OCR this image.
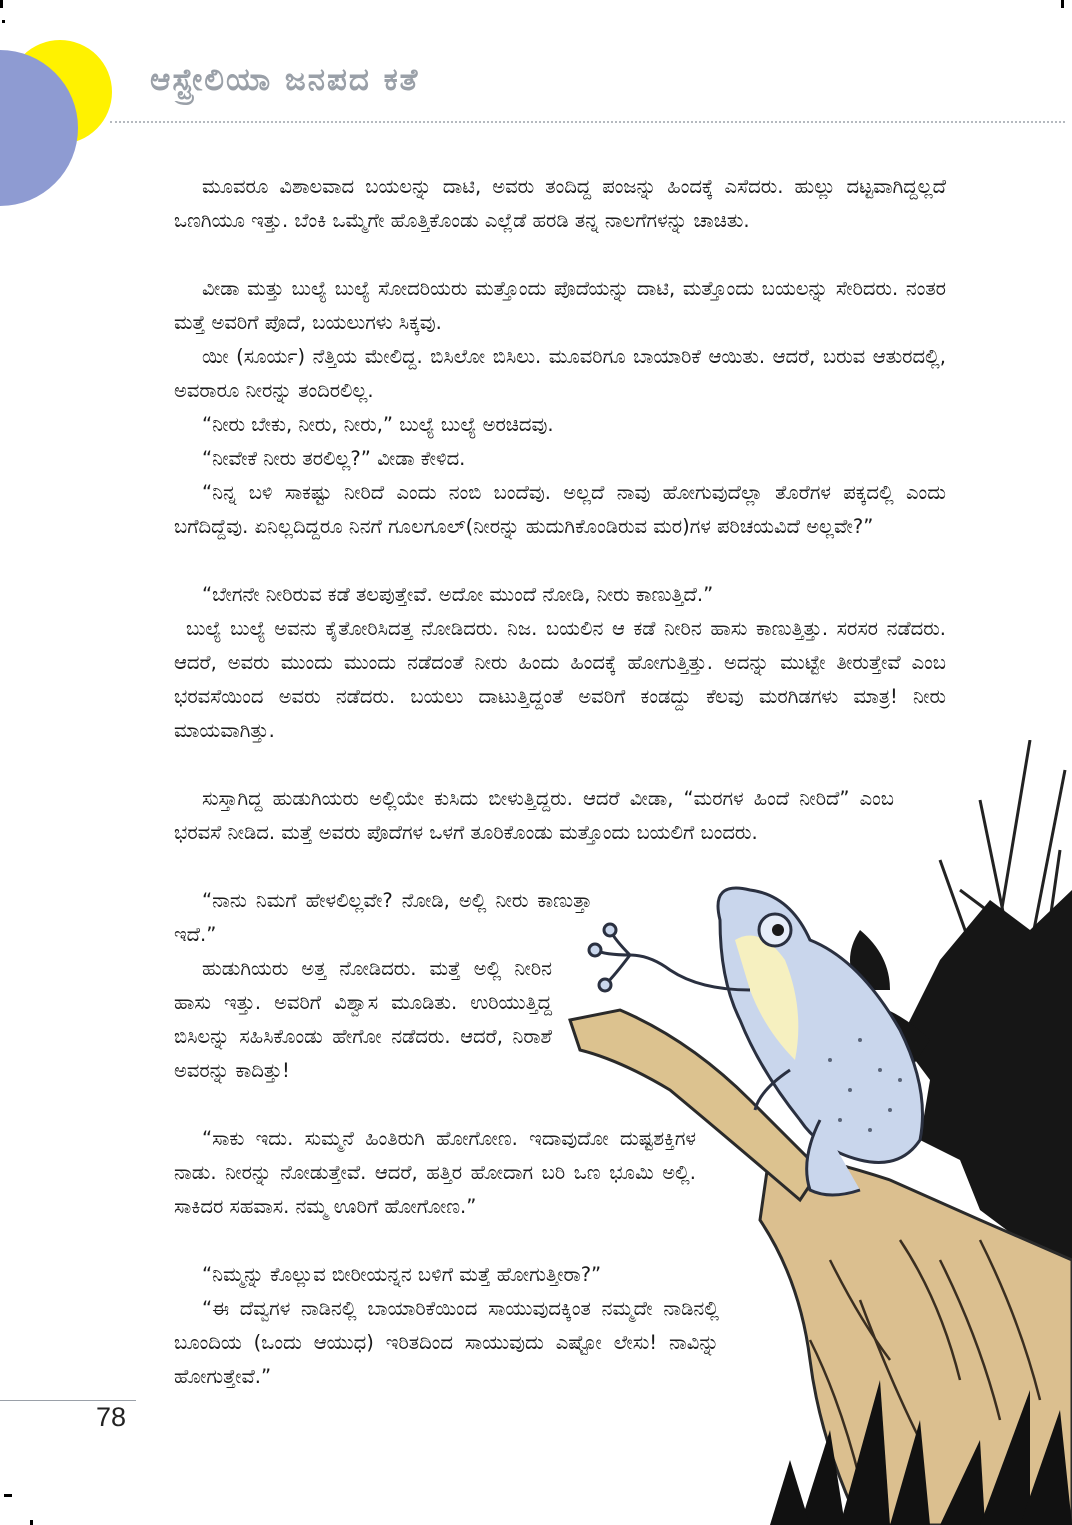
ಆಸ್ಟ್ರೇಲಿಯಾ ಜನಪದ ಕತೆ

ಮೂವರೂ ವಿಶಾಲವಾದ ಬಯಲನ್ನು ದಾಟಿ, ಅವರು ತಂದಿದ್ದ ಪಂಜನ್ನು ಹಿಂದಕ್ಕೆ ಎಸೆದರು. ಹುಲ್ಲು ದಟ್ಟವಾಗಿದ್ದಲ್ಲದೆ ಒಣಗಿಯೂ ಇತ್ತು. ಬೆಂಕಿ ಒಮ್ಮೆಗೇ ಹೊತ್ತಿಕೊಂಡು ಎಲ್ಲೆಡೆ ಹರಡಿ ತನ್ನ ನಾಲಗೆಗಳನ್ನು ಚಾಚಿತು.

ವೀಡಾ ಮತ್ತು ಬುಲ್ಯೆ ಬುಲ್ಯೆ ಸೋದರಿಯರು ಮತ್ತೊಂದು ಪೊದೆಯನ್ನು ದಾಟಿ, ಮತ್ತೊಂದು ಬಯಲನ್ನು ಸೇರಿದರು. ನಂತರ ಮತ್ತೆ ಅವರಿಗೆ ಪೊದೆ, ಬಯಲುಗಳು ಸಿಕ್ಕವು.

ಯೀ (ಸೂರ್ಯ) ನೆತ್ತಿಯ ಮೇಲಿದ್ದ. ಬಿಸಿಲೋ ಬಿಸಿಲು. ಮೂವರಿಗೂ ಬಾಯಾರಿಕೆ ಆಯಿತು. ಆದರೆ, ಬರುವ ಆತುರದಲ್ಲಿ, ಅವರಾರೂ ನೀರನ್ನು ತಂದಿರಲಿಲ್ಲ.

“ನೀರು ಬೇಕು, ನೀರು, ನೀರು,” ಬುಲ್ಯೆ ಬುಲ್ಯೆ ಅರಚಿದವು.

“ನೀವೇಕೆ ನೀರು ತರಲಿಲ್ಲ?” ವೀಡಾ ಕೇಳಿದ.

“ನಿನ್ನ ಬಳಿ ಸಾಕಷ್ಟು ನೀರಿದೆ ಎಂದು ನಂಬಿ ಬಂದೆವು. ಅಲ್ಲದೆ ನಾವು ಹೋಗುವುದೆಲ್ಲಾ ತೊರೆಗಳ ಪಕ್ಕದಲ್ಲಿ ಎಂದು ಬಗೆದಿದ್ದೆವು. ಏನಿಲ್ಲದಿದ್ದರೂ ನಿನಗೆ ಗೂಲಗೂಲ್(ನೀರನ್ನು ಹುದುಗಿಕೊಂಡಿರುವ ಮರ)ಗಳ ಪರಿಚಯವಿದೆ ಅಲ್ಲವೇ?”

“ಬೇಗನೇ ನೀರಿರುವ ಕಡೆ ತಲಪುತ್ತೇವೆ. ಅದೋ ಮುಂದೆ ನೋಡಿ, ನೀರು ಕಾಣುತ್ತಿದೆ.”

ಬುಲ್ಯೆ ಬುಲ್ಯೆ ಅವನು ಕೈತೋರಿಸಿದತ್ತ ನೋಡಿದರು. ನಿಜ. ಬಯಲಿನ ಆ ಕಡೆ ನೀರಿನ ಹಾಸು ಕಾಣುತ್ತಿತ್ತು. ಸರಸರ ನಡೆದರು. ಆದರೆ, ಅವರು ಮುಂದು ಮುಂದು ನಡೆದಂತೆ ನೀರು ಹಿಂದು ಹಿಂದಕ್ಕೆ ಹೋಗುತ್ತಿತ್ತು. ಅದನ್ನು ಮುಟ್ಟೇ ತೀರುತ್ತೇವೆ ಎಂಬ ಭರವಸೆಯಿಂದ ಅವರು ನಡೆದರು. ಬಯಲು ದಾಟುತ್ತಿದ್ದಂತೆ ಅವರಿಗೆ ಕಂಡದ್ದು ಕೆಲವು ಮರಗಿಡಗಳು ಮಾತ್ರ! ನೀರು ಮಾಯವಾಗಿತ್ತು.

ಸುಸ್ತಾಗಿದ್ದ ಹುಡುಗಿಯರು ಅಲ್ಲಿಯೇ ಕುಸಿದು ಬೀಳುತ್ತಿದ್ದರು. ಆದರೆ ವೀಡಾ, “ಮರಗಳ ಹಿಂದೆ ನೀರಿದೆ” ಎಂಬ ಭರವಸೆ ನೀಡಿದ. ಮತ್ತೆ ಅವರು ಪೊದೆಗಳ ಒಳಗೆ ತೂರಿಕೊಂಡು ಮತ್ತೊಂದು ಬಯಲಿಗೆ ಬಂದರು.

“ನಾನು ನಿಮಗೆ ಹೇಳಲಿಲ್ಲವೇ? ನೋಡಿ, ಅಲ್ಲಿ ನೀರು ಕಾಣುತ್ತಾ ಇದೆ.”

ಹುಡುಗಿಯರು ಅತ್ತ ನೋಡಿದರು. ಮತ್ತೆ ಅಲ್ಲಿ ನೀರಿನ ಹಾಸು ಇತ್ತು. ಅವರಿಗೆ ವಿಶ್ವಾಸ ಮೂಡಿತು. ಉರಿಯುತ್ತಿದ್ದ ಬಿಸಿಲನ್ನು ಸಹಿಸಿಕೊಂಡು ಹೇಗೋ ನಡೆದರು. ಆದರೆ, ನಿರಾಶೆ ಅವರನ್ನು ಕಾದಿತ್ತು!

“ಸಾಕು ಇದು. ಸುಮ್ಮನೆ ಹಿಂತಿರುಗಿ ಹೋಗೋಣ. ಇದಾವುದೋ ದುಷ್ಟಶಕ್ತಿಗಳ ನಾಡು. ನೀರನ್ನು ನೋಡುತ್ತೇವೆ. ಆದರೆ, ಹತ್ತಿರ ಹೋದಾಗ ಬರಿ ಒಣ ಭೂಮಿ ಅಲ್ಲಿ. ಸಾಕಿದರ ಸಹವಾಸ. ನಮ್ಮ ಊರಿಗೆ ಹೋಗೋಣ.”

“ನಿಮ್ಮನ್ನು ಕೊಲ್ಲುವ ಬೀರೀಯನ್ನನ ಬಳಿಗೆ ಮತ್ತೆ ಹೋಗುತ್ತೀರಾ?”

“ಈ ದೆವ್ವಗಳ ನಾಡಿನಲ್ಲಿ ಬಾಯಾರಿಕೆಯಿಂದ ಸಾಯುವುದಕ್ಕಿಂತ ನಮ್ಮದೇ ನಾಡಿನಲ್ಲಿ ಬೂಂದಿಯ (ಒಂದು ಆಯುಧ) ಇರಿತದಿಂದ ಸಾಯುವುದು ಎಷ್ಟೋ ಲೇಸು! ನಾವಿನ್ನು ಹೋಗುತ್ತೇವೆ.”

78
